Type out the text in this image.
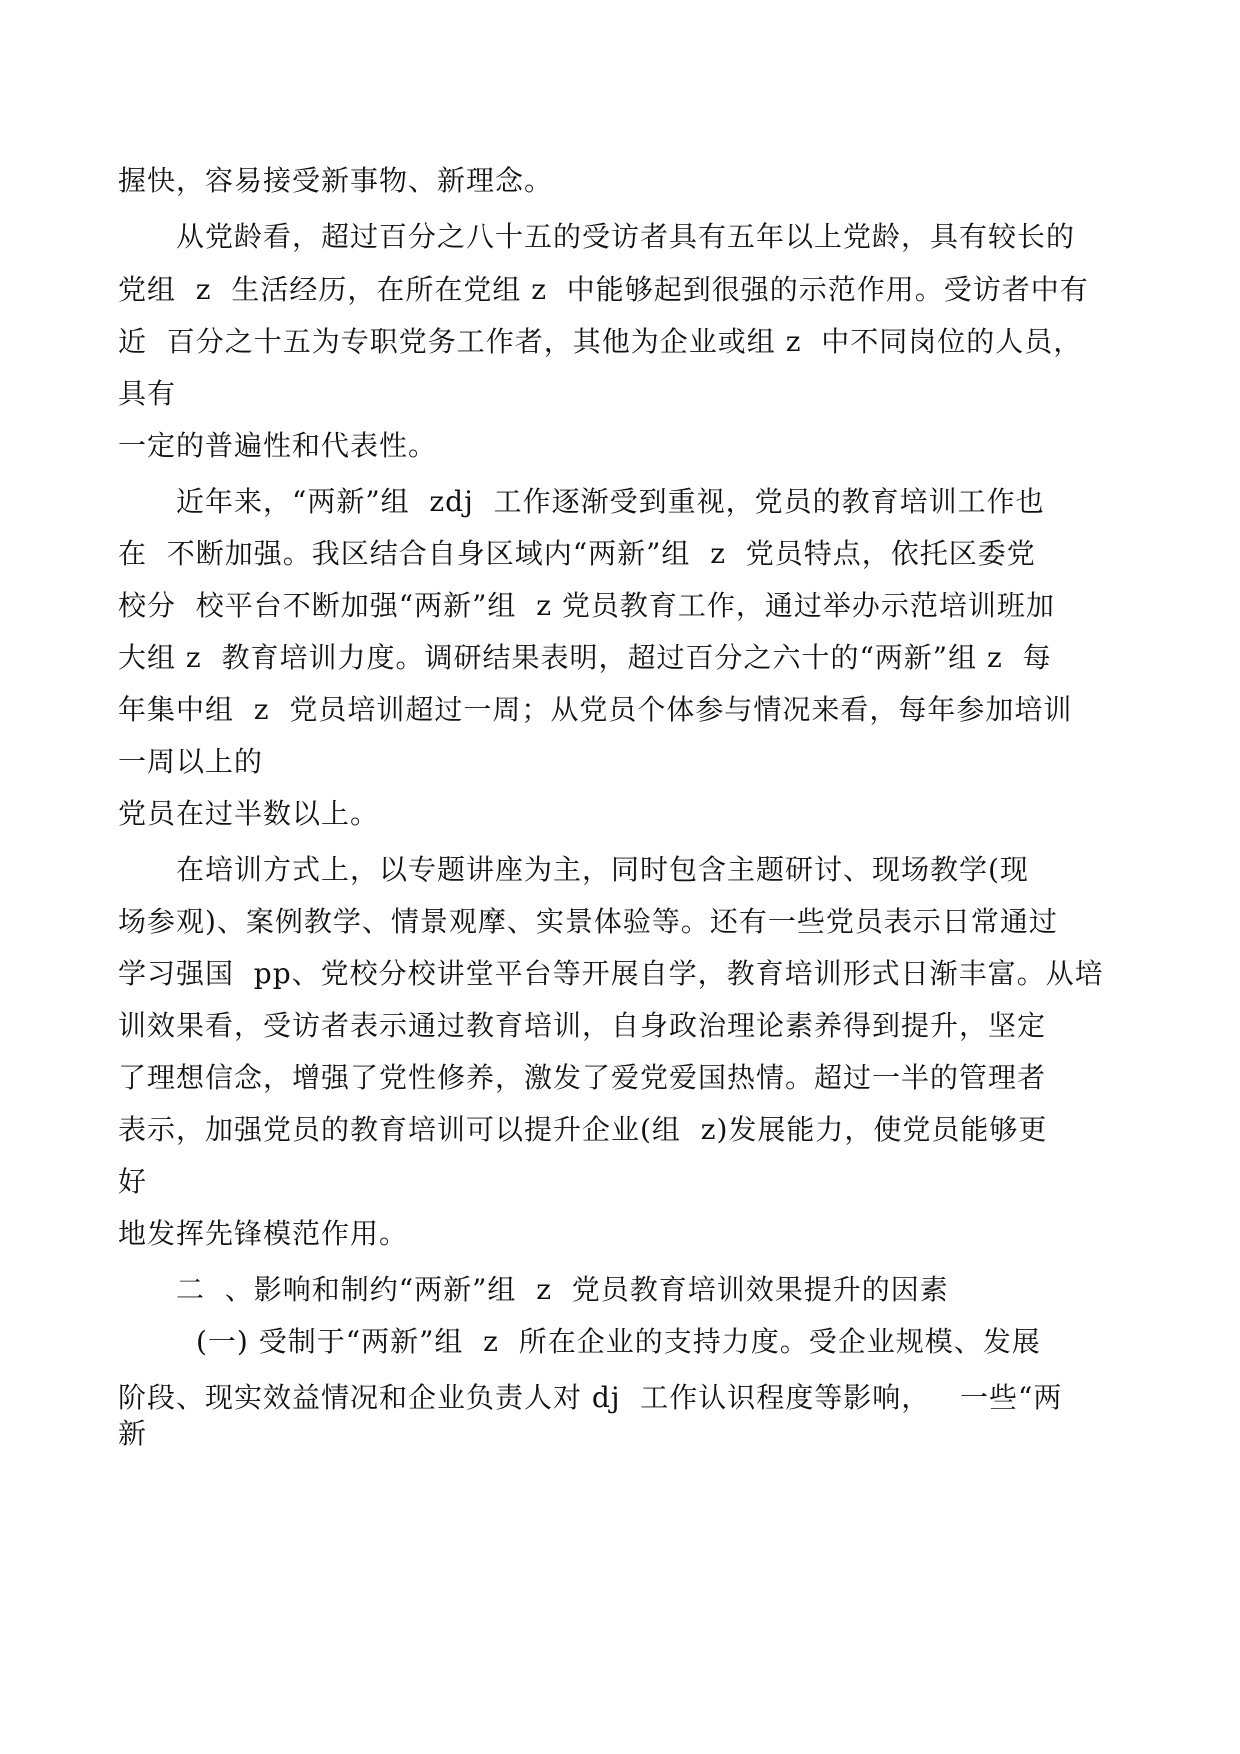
握快，容易接受新事物、新理念。
从党龄看，超过百分之八十五的受访者具有五年以上党龄，具有较长的
党组  z  生活经历，在所在党组 z  中能够起到很强的示范作用。受访者中有
近  百分之十五为专职党务工作者，其他为企业或组 z  中不同岗位的人员，
具有
一定的普遍性和代表性。
近年来，“两新”组  zdj  工作逐渐受到重视，党员的教育培训工作也
在  不断加强。我区结合自身区域内“两新”组  z  党员特点，依托区委党
校分  校平台不断加强“两新”组  z 党员教育工作，通过举办示范培训班加
大组 z  教育培训力度。调研结果表明，超过百分之六十的“两新”组 z  每
年集中组  z  党员培训超过一周；从党员个体参与情况来看，每年参加培训
一周以上的
党员在过半数以上。
在培训方式上，以专题讲座为主，同时包含主题研讨、现场教学(现
场参观)、案例教学、情景观摩、实景体验等。还有一些党员表示日常通过
学习强国  pp、党校分校讲堂平台等开展自学，教育培训形式日渐丰富。从培
训效果看，受访者表示通过教育培训，自身政治理论素养得到提升，坚定
了理想信念，增强了党性修养，激发了爱党爱国热情。超过一半的管理者
表示，加强党员的教育培训可以提升企业(组  z)发展能力，使党员能够更
好
地发挥先锋模范作用。
二  、影响和制约“两新”组  z  党员教育培训效果提升的因素
(一) 受制于“两新”组  z  所在企业的支持力度。受企业规模、发展
阶段、现实效益情况和企业负责人对 dj  工作认识程度等影响，   一些“两
新
